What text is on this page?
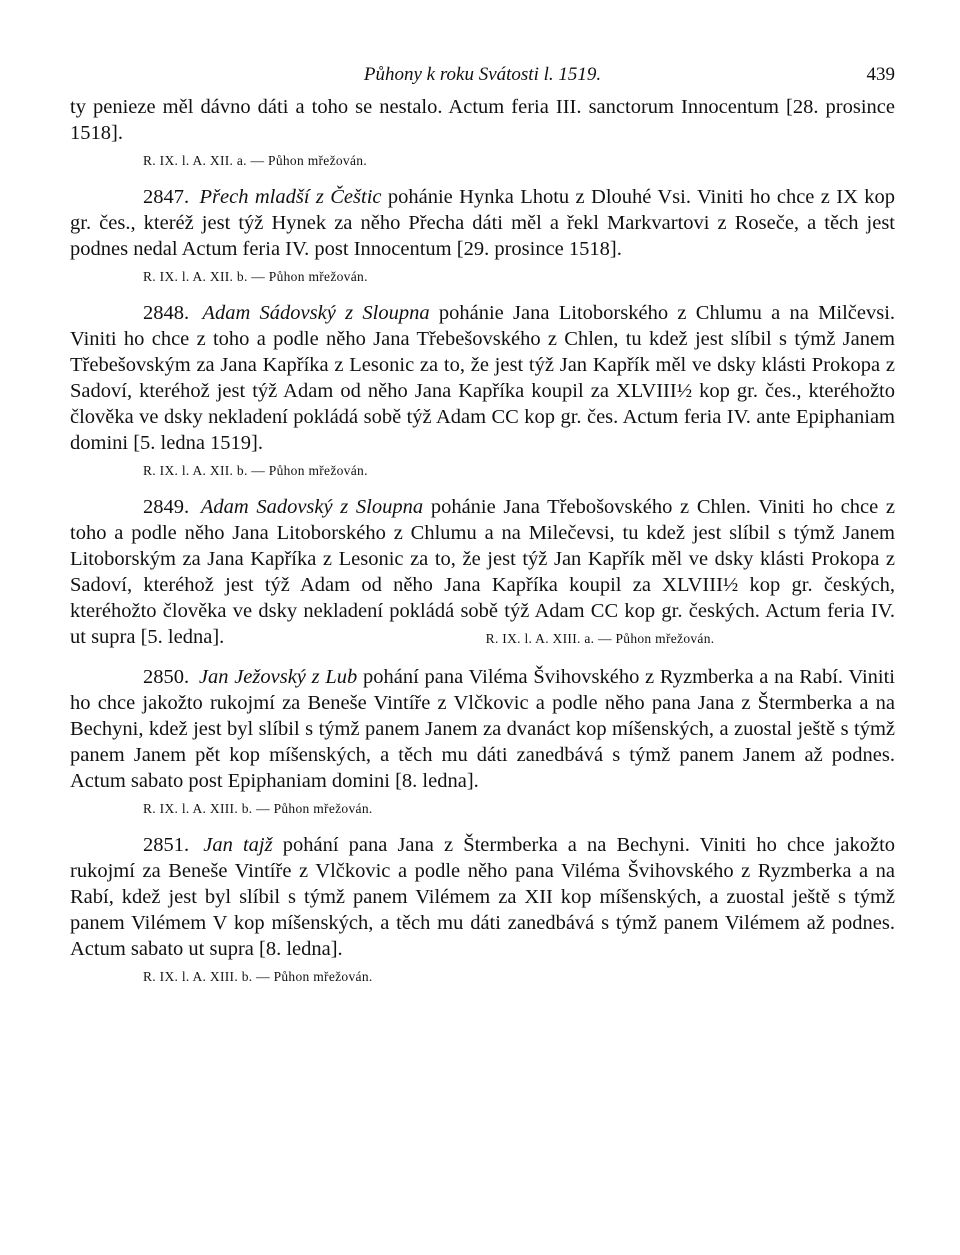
Půhony k roku Svátosti l. 1519.	439

ty penieze měl dávno dáti a toho se nestalo. Actum feria III. sanctorum Innocentum [28. prosince 1518].

R. IX. l. A. XII. a. — Půhon mřežován.

2847. Přech mladší z Češtic pohánie Hynka Lhotu z Dlouhé Vsi. Viniti ho chce z IX kop gr. čes., kteréž jest týž Hynek za něho Přecha dáti měl a řekl Markvartovi z Roseče, a těch jest podnes nedal Actum feria IV. post Innocentum [29. prosince 1518].

R. IX. l. A. XII. b. — Půhon mřežován.

2848. Adam Sádovský z Sloupna pohánie Jana Litoborského z Chlumu a na Milčevsi. Viniti ho chce z toho a podle něho Jana Třebešovského z Chlen, tu kdež jest slíbil s týmž Janem Třebešovským za Jana Kapříka z Lesonic za to, že jest týž Jan Kapřík měl ve dsky klásti Prokopa z Sadoví, kteréhož jest týž Adam od něho Jana Kapříka koupil za XLVIII½ kop gr. čes., kteréhožto člověka ve dsky nekladení pokládá sobě týž Adam CC kop gr. čes. Actum feria IV. ante Epiphaniam domini [5. ledna 1519].

R. IX. l. A. XII. b. — Půhon mřežován.

2849. Adam Sadovský z Sloupna pohánie Jana Třebošovského z Chlen. Viniti ho chce z toho a podle něho Jana Litoborského z Chlumu a na Milečevsi, tu kdež jest slíbil s týmž Janem Litoborským za Jana Kapříka z Lesonic za to, že jest týž Jan Kapřík měl ve dsky klásti Prokopa z Sadoví, kteréhož jest týž Adam od něho Jana Kapříka koupil za XLVIII½ kop gr. českých, kteréhožto člověka ve dsky nekladení pokládá sobě týž Adam CC kop gr. českých. Actum feria IV. ut supra [5. ledna].	R. IX. l. A. XIII. a. — Půhon mřežován.

2850. Jan Ježovský z Lub pohání pana Viléma Švihovského z Ryzmberka a na Rabí. Viniti ho chce jakožto rukojmí za Beneše Vintíře z Vlčkovic a podle něho pana Jana z Štermberka a na Bechyni, kdež jest byl slíbil s týmž panem Janem za dvanáct kop míšenských, a zuostal ještě s týmž panem Janem pět kop míšenských, a těch mu dáti zanedbává s týmž panem Janem až podnes. Actum sabato post Epiphaniam domini [8. ledna].

R. IX. l. A. XIII. b. — Půhon mřežován.

2851. Jan tajž pohání pana Jana z Štermberka a na Bechyni. Viniti ho chce jakožto rukojmí za Beneše Vintíře z Vlčkovic a podle něho pana Viléma Švihovského z Ryzmberka a na Rabí, kdež jest byl slíbil s týmž panem Vilémem za XII kop míšenských, a zuostal ještě s týmž panem Vilémem V kop míšenských, a těch mu dáti zanedbává s týmž panem Vilémem až podnes. Actum sabato ut supra [8. ledna].

R. IX. l. A. XIII. b. — Půhon mřežován.
